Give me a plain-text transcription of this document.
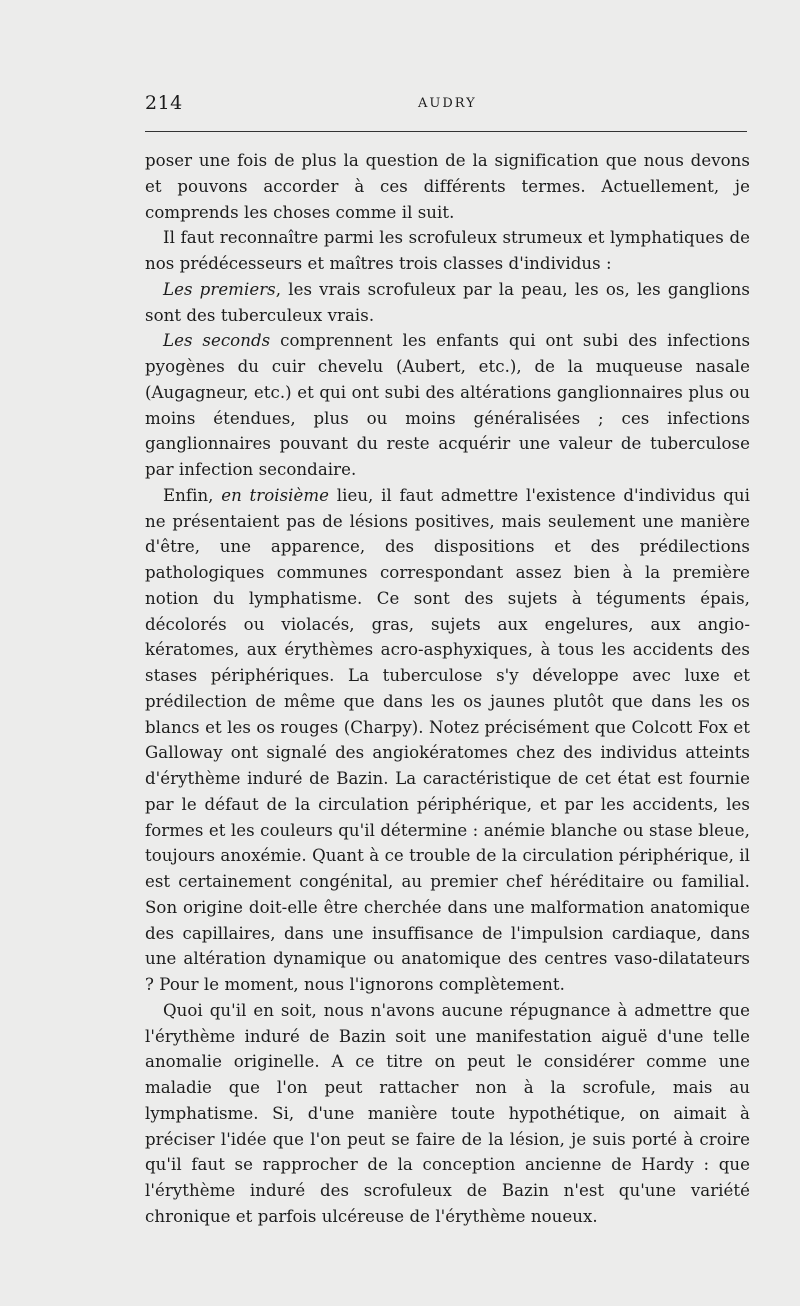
214	AUDRY

poser une fois de plus la question de la signification que nous devons et pouvons accorder à ces différents termes. Actuellement, je comprends les choses comme il suit.

Il faut reconnaître parmi les scrofuleux strumeux et lymphatiques de nos prédécesseurs et maîtres trois classes d'individus :

Les premiers, les vrais scrofuleux par la peau, les os, les ganglions sont des tuberculeux vrais.

Les seconds comprennent les enfants qui ont subi des infections pyogènes du cuir chevelu (Aubert, etc.), de la muqueuse nasale (Augagneur, etc.) et qui ont subi des altérations ganglionnaires plus ou moins étendues, plus ou moins généralisées ; ces infections ganglionnaires pouvant du reste acquérir une valeur de tuberculose par infection secondaire.

Enfin, en troisième lieu, il faut admettre l'existence d'individus qui ne présentaient pas de lésions positives, mais seulement une manière d'être, une apparence, des dispositions et des prédilections pathologiques communes correspondant assez bien à la première notion du lymphatisme. Ce sont des sujets à téguments épais, décolorés ou violacés, gras, sujets aux engelures, aux angio-kératomes, aux érythèmes acro-asphyxiques, à tous les accidents des stases périphériques. La tuberculose s'y développe avec luxe et prédilection de même que dans les os jaunes plutôt que dans les os blancs et les os rouges (Charpy). Notez précisément que Colcott Fox et Galloway ont signalé des angiokératomes chez des individus atteints d'érythème induré de Bazin. La caractéristique de cet état est fournie par le défaut de la circulation périphérique, et par les accidents, les formes et les couleurs qu'il détermine : anémie blanche ou stase bleue, toujours anoxémie. Quant à ce trouble de la circulation périphérique, il est certainement congénital, au premier chef héréditaire ou familial. Son origine doit-elle être cherchée dans une malformation anatomique des capillaires, dans une insuffisance de l'impulsion cardiaque, dans une altération dynamique ou anatomique des centres vaso-dilatateurs ? Pour le moment, nous l'ignorons complètement.

Quoi qu'il en soit, nous n'avons aucune répugnance à admettre que l'érythème induré de Bazin soit une manifestation aiguë d'une telle anomalie originelle. A ce titre on peut le considérer comme une maladie que l'on peut rattacher non à la scrofule, mais au lymphatisme. Si, d'une manière toute hypothétique, on aimait à préciser l'idée que l'on peut se faire de la lésion, je suis porté à croire qu'il faut se rapprocher de la conception ancienne de Hardy : que l'érythème induré des scrofuleux de Bazin n'est qu'une variété chronique et parfois ulcéreuse de l'érythème noueux.
